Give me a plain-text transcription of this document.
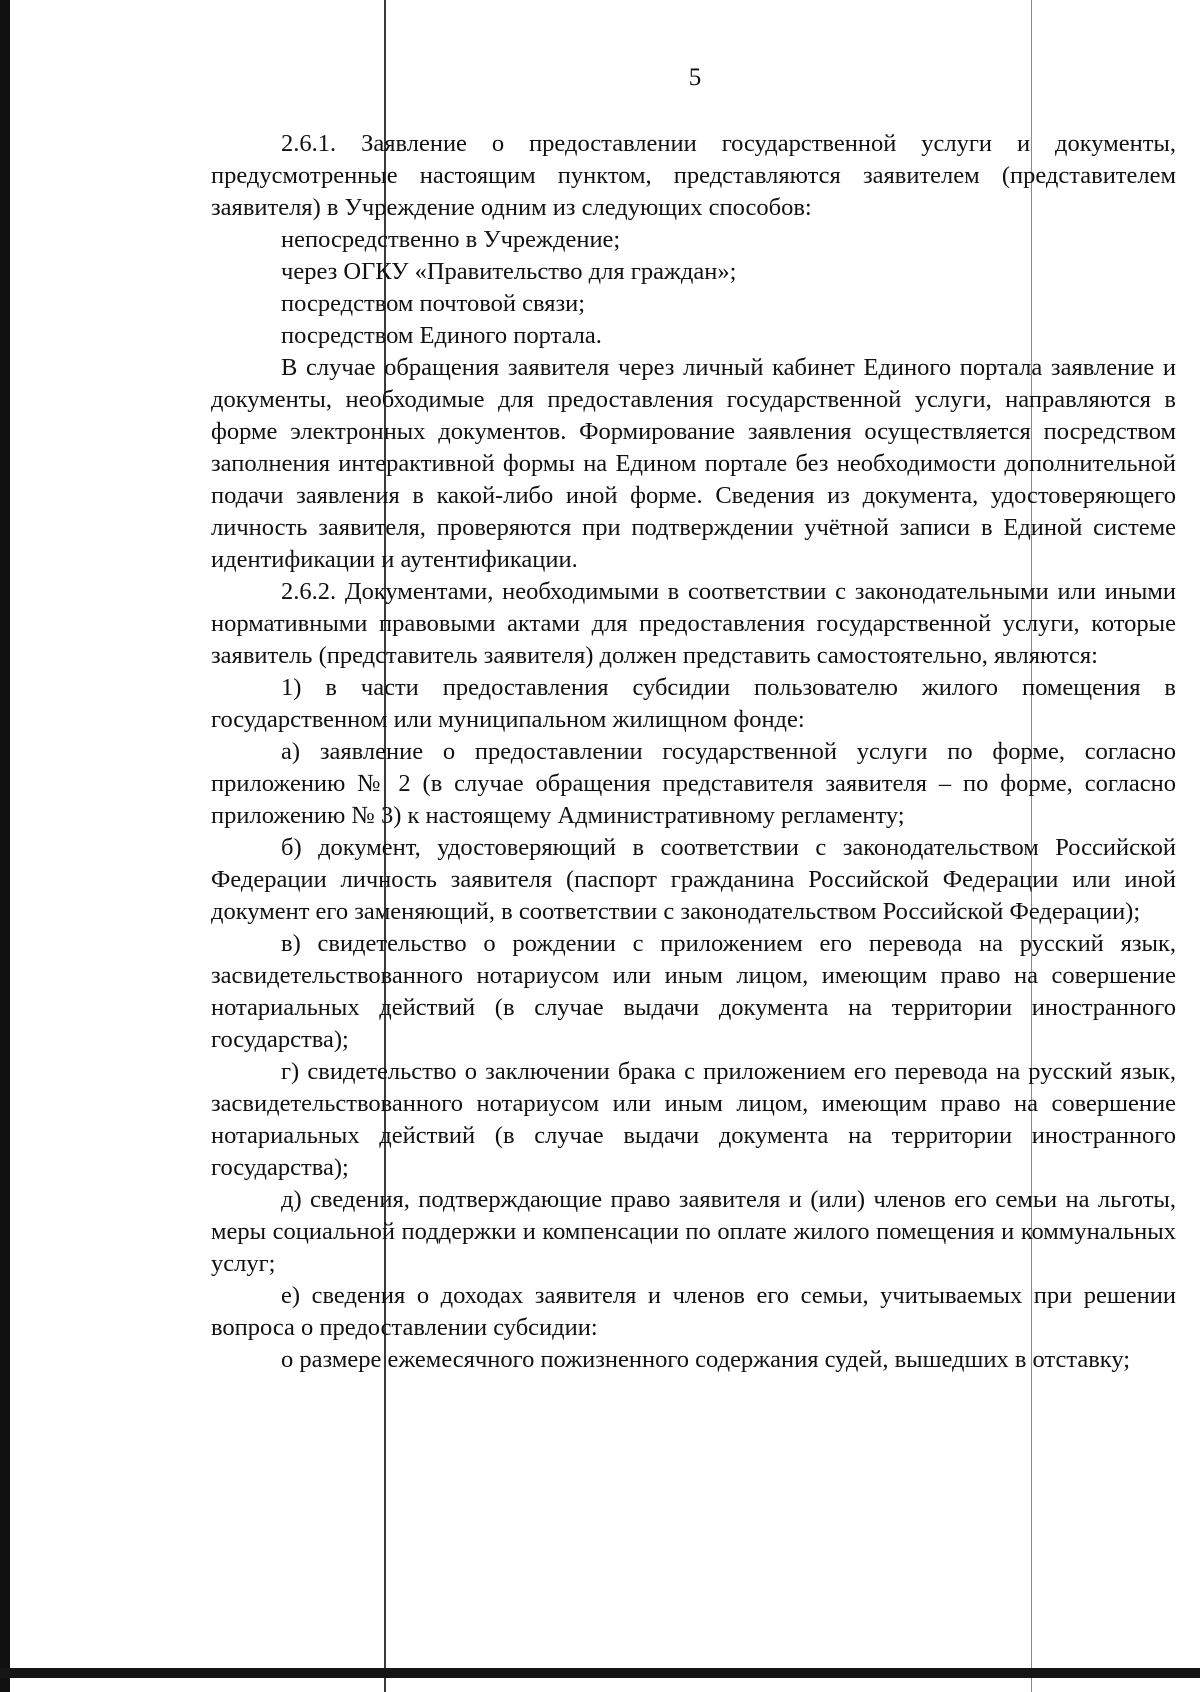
5

2.6.1. Заявление о предоставлении государственной услуги и документы, предусмотренные настоящим пунктом, представляются заявителем (представителем заявителя) в Учреждение одним из следующих способов:

непосредственно в Учреждение;

через ОГКУ «Правительство для граждан»;

посредством почтовой связи;

посредством Единого портала.

В случае обращения заявителя через личный кабинет Единого портала заявление и документы, необходимые для предоставления государственной услуги, направляются в форме электронных документов. Формирование заявления осуществляется посредством заполнения интерактивной формы на Едином портале без необходимости дополнительной подачи заявления в какой-либо иной форме. Сведения из документа, удостоверяющего личность заявителя, проверяются при подтверждении учётной записи в Единой системе идентификации и аутентификации.

2.6.2. Документами, необходимыми в соответствии с законодательными или иными нормативными правовыми актами для предоставления государственной услуги, которые заявитель (представитель заявителя) должен представить самостоятельно, являются:

1) в части предоставления субсидии пользователю жилого помещения в государственном или муниципальном жилищном фонде:

а) заявление о предоставлении государственной услуги по форме, согласно приложению № 2 (в случае обращения представителя заявителя – по форме, согласно приложению № 3) к настоящему Административному регламенту;

б) документ, удостоверяющий в соответствии с законодательством Российской Федерации личность заявителя (паспорт гражданина Российской Федерации или иной документ его заменяющий, в соответствии с законодательством Российской Федерации);

в) свидетельство о рождении с приложением его перевода на русский язык, засвидетельствованного нотариусом или иным лицом, имеющим право на совершение нотариальных действий (в случае выдачи документа на территории иностранного государства);

г) свидетельство о заключении брака с приложением его перевода на русский язык, засвидетельствованного нотариусом или иным лицом, имеющим право на совершение нотариальных действий (в случае выдачи документа на территории иностранного государства);

д) сведения, подтверждающие право заявителя и (или) членов его семьи на льготы, меры социальной поддержки и компенсации по оплате жилого помещения и коммунальных услуг;

е) сведения о доходах заявителя и членов его семьи, учитываемых при решении вопроса о предоставлении субсидии:

о размере ежемесячного пожизненного содержания судей, вышедших в отставку;
